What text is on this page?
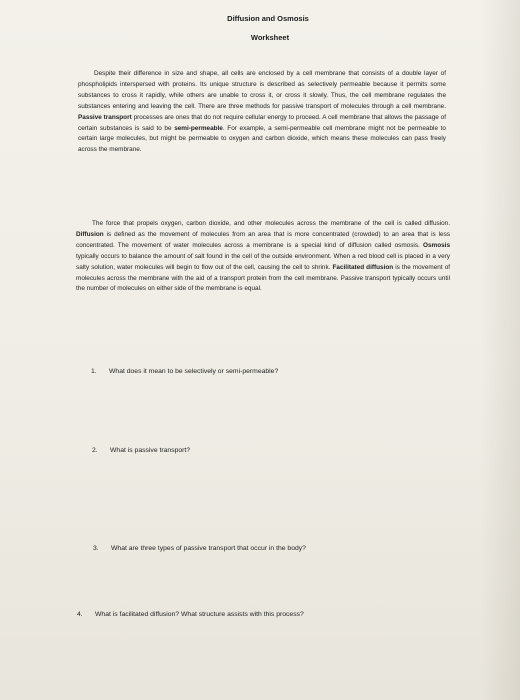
Diffusion and Osmosis
Worksheet
Despite their difference in size and shape, all cells are enclosed by a cell membrane that consists of a double layer of phospholipids interspersed with proteins. Its unique structure is described as selectively permeable because it permits some substances to cross it rapidly, while others are unable to cross it, or cross it slowly. Thus, the cell membrane regulates the substances entering and leaving the cell. There are three methods for passive transport of molecules through a cell membrane. Passive transport processes are ones that do not require cellular energy to proceed. A cell membrane that allows the passage of certain substances is said to be semi-permeable. For example, a semi-permeable cell membrane might not be permeable to certain large molecules, but might be permeable to oxygen and carbon dioxide, which means these molecules can pass freely across the membrane.
The force that propels oxygen, carbon dioxide, and other molecules across the membrane of the cell is called diffusion. Diffusion is defined as the movement of molecules from an area that is more concentrated (crowded) to an area that is less concentrated. The movement of water molecules across a membrane is a special kind of diffusion called osmosis. Osmosis typically occurs to balance the amount of salt found in the cell of the outside environment. When a red blood cell is placed in a very salty solution, water molecules will begin to flow out of the cell, causing the cell to shrink. Facilitated diffusion is the movement of molecules across the membrane with the aid of a transport protein from the cell membrane. Passive transport typically occurs until the number of molecules on either side of the membrane is equal.
1. What does it mean to be selectively or semi-permeable?
2. What is passive transport?
3. What are three types of passive transport that occur in the body?
4. What is facilitated diffusion? What structure assists with this process?
